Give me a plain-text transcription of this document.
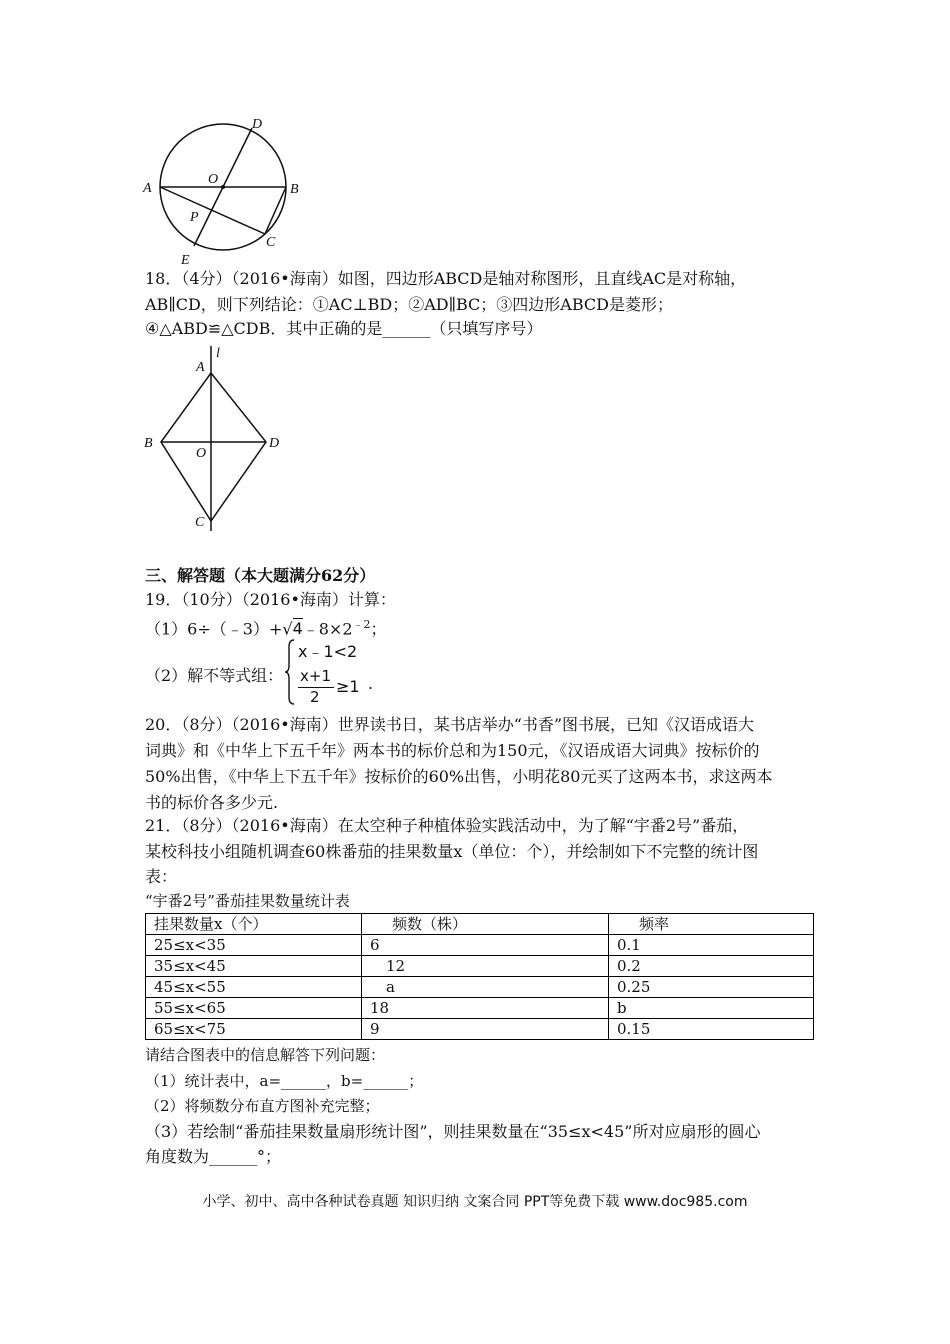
A	B
C
D
E
O
P
18．（4分）（2016•海南）如图，四边形ABCD是轴对称图形，且直线AC是对称轴，
AB∥CD，则下列结论：①AC⊥BD；②AD∥BC；③四边形ABCD是菱形；
④△ABD≌△CDB．其中正确的是______（只填写序号）
A
l
B	D
O
C
三、解答题（本大题满分62分）
19．（10分）（2016•海南）计算：
$(1)6\div(﹣3)+√4﹣8\times 2^{﹣2}$；
（2）解不等式组：
x﹣1<2
x+1
2
≥1 .
20．（8分）（2016•海南）世界读书日，某书店举办“书香”图书展，已知《汉语成语大
词典》和《中华上下五千年》两本书的标价总和为150元，《汉语成语大词典》按标价的
50%出售，《中华上下五千年》按标价的60%出售，小明花80元买了这两本书，求这两本
书的标价各多少元.
21．（8分）（2016•海南）在太空种子种植体验实践活动中，为了解“宇番2号”番茄，
某校科技小组随机调查60株番茄的挂果数量x（单位：个），并绘制如下不完整的统计图
表：
“宇番2号”番茄挂果数量统计表
挂果数量x（个）	频数（株）	频率
25≤x<35	6	0.1
35≤x<45	12	0.2
45≤x<55	a	0.25
55≤x<65	18	b
65≤x<75	9	0.15
请结合图表中的信息解答下列问题：
（1）统计表中，a=______，b=______；
（2）将频数分布直方图补充完整；
（3）若绘制“番茄挂果数量扇形统计图”，则挂果数量在“35≤x<45”所对应扇形的圆心
角度数为______°；
小学、初中、高中各种试卷真题 知识归纳 文案合同 PPT等免费下载 www.doc985.com
